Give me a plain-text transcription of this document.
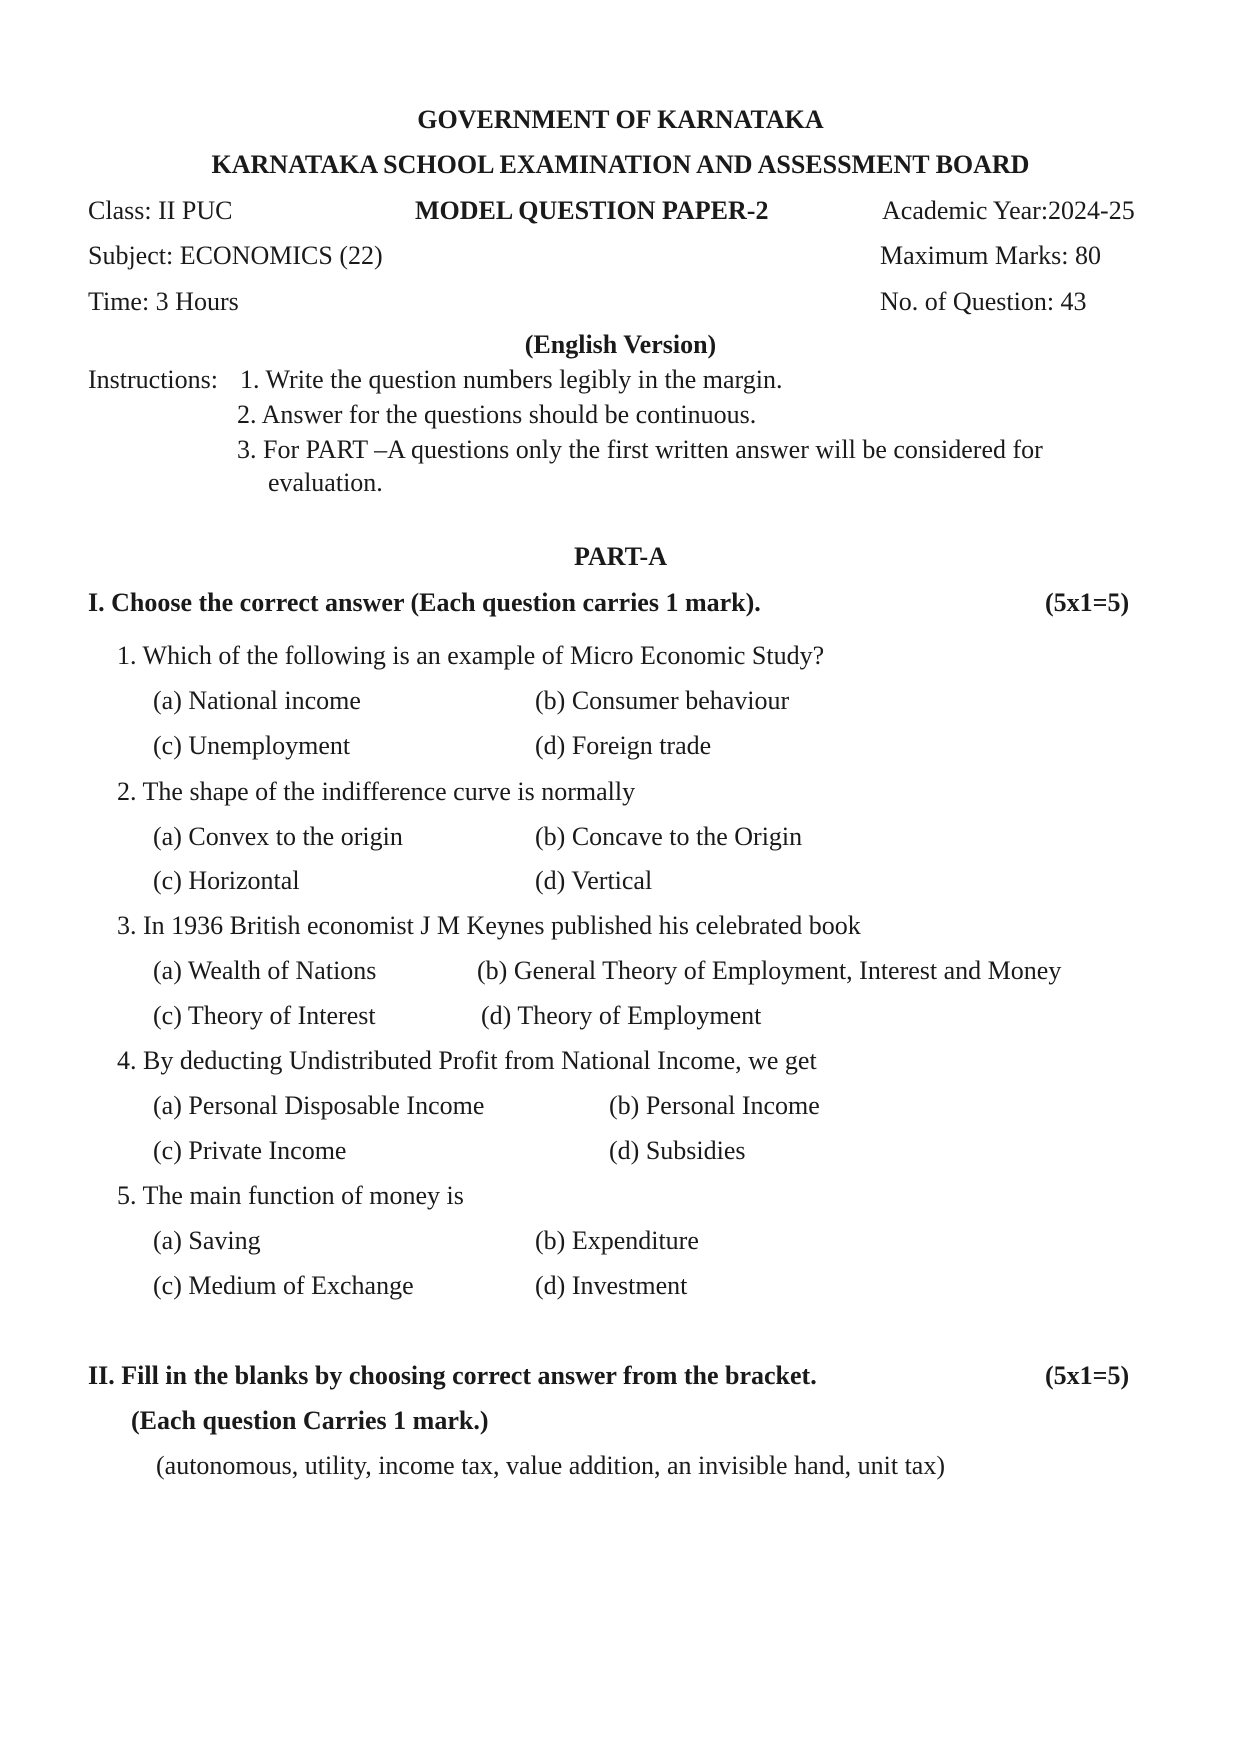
GOVERNMENT OF KARNATAKA
KARNATAKA SCHOOL EXAMINATION AND ASSESSMENT BOARD
Class: II PUC	MODEL QUESTION PAPER-2	Academic Year:2024-25
Subject: ECONOMICS (22)	Maximum Marks: 80
Time: 3 Hours	No. of Question: 43
(English Version)
Instructions: 1. Write the question numbers legibly in the margin.
2. Answer for the questions should be continuous.
3. For PART –A questions only the first written answer will be considered for
evaluation.
PART-A
I. Choose the correct answer (Each question carries 1 mark).	(5x1=5)
1. Which of the following is an example of Micro Economic Study?
(a) National income	(b) Consumer behaviour
(c) Unemployment	(d) Foreign trade
2. The shape of the indifference curve is normally
(a) Convex to the origin	(b) Concave to the Origin
(c) Horizontal	(d) Vertical
3. In 1936 British economist J M Keynes published his celebrated book
(a) Wealth of Nations	(b) General Theory of Employment, Interest and Money
(c) Theory of Interest	(d) Theory of Employment
4. By deducting Undistributed Profit from National Income, we get
(a) Personal Disposable Income	(b) Personal Income
(c) Private Income	(d) Subsidies
5. The main function of money is
(a) Saving	(b) Expenditure
(c) Medium of Exchange	(d) Investment
II. Fill in the blanks by choosing correct answer from the bracket.	(5x1=5)
(Each question Carries 1 mark.)
(autonomous, utility, income tax, value addition, an invisible hand, unit tax)
